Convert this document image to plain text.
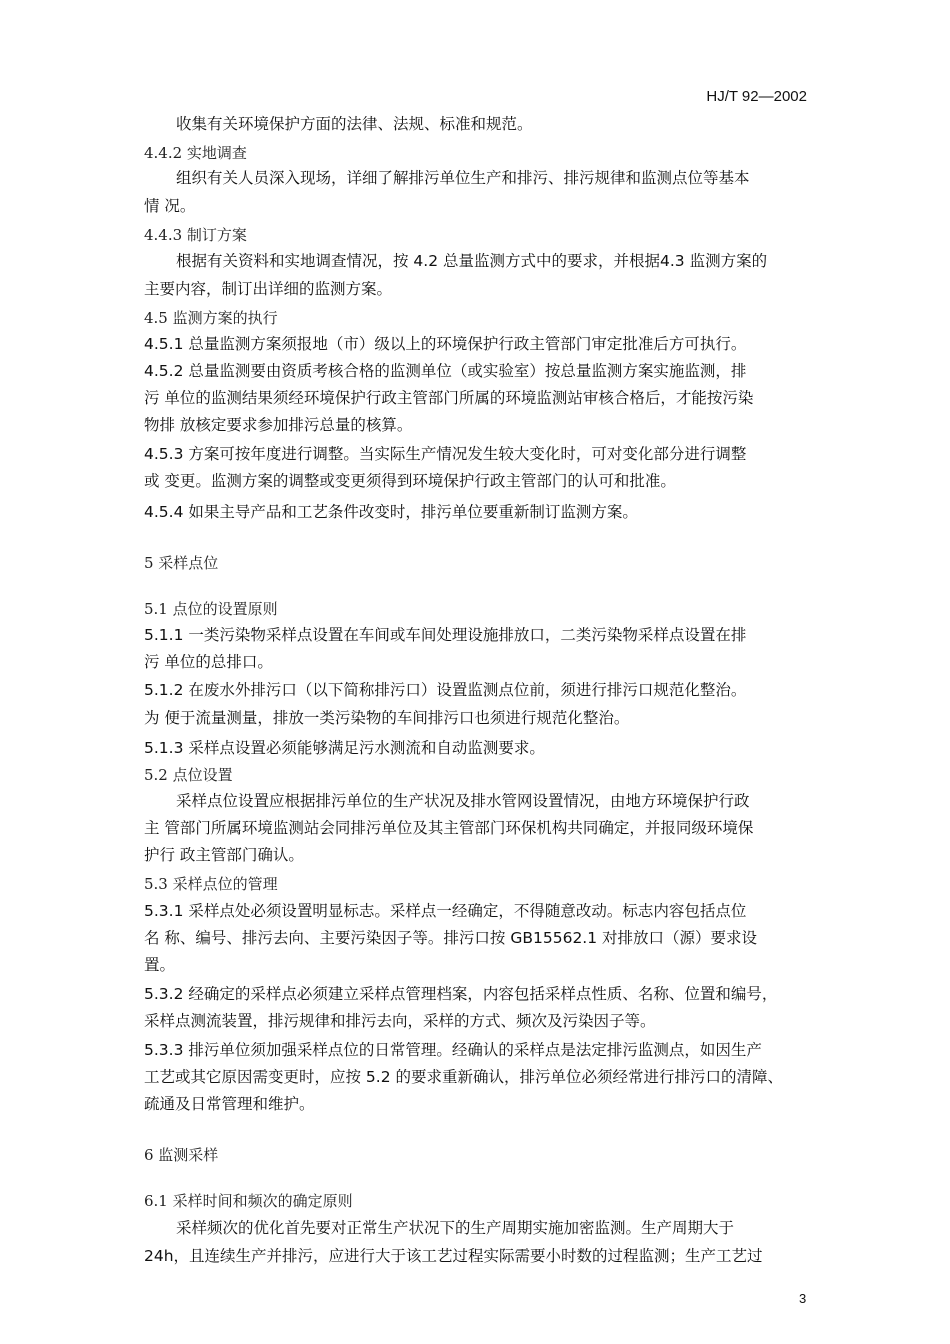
HJ/T 92—2002
收集有关环境保护方面的法律、法规、标准和规范。
4.4.2 实地调查
组织有关人员深入现场，详细了解排污单位生产和排污、排污规律和监测点位等基本
情 况。
4.4.3 制订方案
根据有关资料和实地调查情况，按 4.2 总量监测方式中的要求，并根据4.3 监测方案的
主要内容，制订出详细的监测方案。
4.5 监测方案的执行
4.5.1 总量监测方案须报地（市）级以上的环境保护行政主管部门审定批准后方可执行。
4.5.2 总量监测要由资质考核合格的监测单位（或实验室）按总量监测方案实施监测，排
污 单位的监测结果须经环境保护行政主管部门所属的环境监测站审核合格后，才能按污染
物排 放核定要求参加排污总量的核算。
4.5.3 方案可按年度进行调整。当实际生产情况发生较大变化时，可对变化部分进行调整
或 变更。监测方案的调整或变更须得到环境保护行政主管部门的认可和批准。
4.5.4 如果主导产品和工艺条件改变时，排污单位要重新制订监测方案。
5 采样点位
5.1 点位的设置原则
5.1.1 一类污染物采样点设置在车间或车间处理设施排放口，二类污染物采样点设置在排
污 单位的总排口。
5.1.2 在废水外排污口（以下简称排污口）设置监测点位前，须进行排污口规范化整治。
为 便于流量测量，排放一类污染物的车间排污口也须进行规范化整治。
5.1.3 采样点设置必须能够满足污水测流和自动监测要求。
5.2 点位设置
采样点位设置应根据排污单位的生产状况及排水管网设置情况，由地方环境保护行政
主 管部门所属环境监测站会同排污单位及其主管部门环保机构共同确定，并报同级环境保
护行 政主管部门确认。
5.3 采样点位的管理
5.3.1 采样点处必须设置明显标志。采样点一经确定，不得随意改动。标志内容包括点位
名 称、编号、排污去向、主要污染因子等。排污口按 GB15562.1 对排放口（源）要求设
置。
5.3.2 经确定的采样点必须建立采样点管理档案，内容包括采样点性质、名称、位置和编号，
采样点测流装置，排污规律和排污去向，采样的方式、频次及污染因子等。
5.3.3 排污单位须加强采样点位的日常管理。经确认的采样点是法定排污监测点，如因生产
工艺或其它原因需变更时，应按 5.2 的要求重新确认，排污单位必须经常进行排污口的清障、
疏通及日常管理和维护。
6 监测采样
6.1 采样时间和频次的确定原则
采样频次的优化首先要对正常生产状况下的生产周期实施加密监测。生产周期大于
24h，且连续生产并排污，应进行大于该工艺过程实际需要小时数的过程监测；生产工艺过
3
